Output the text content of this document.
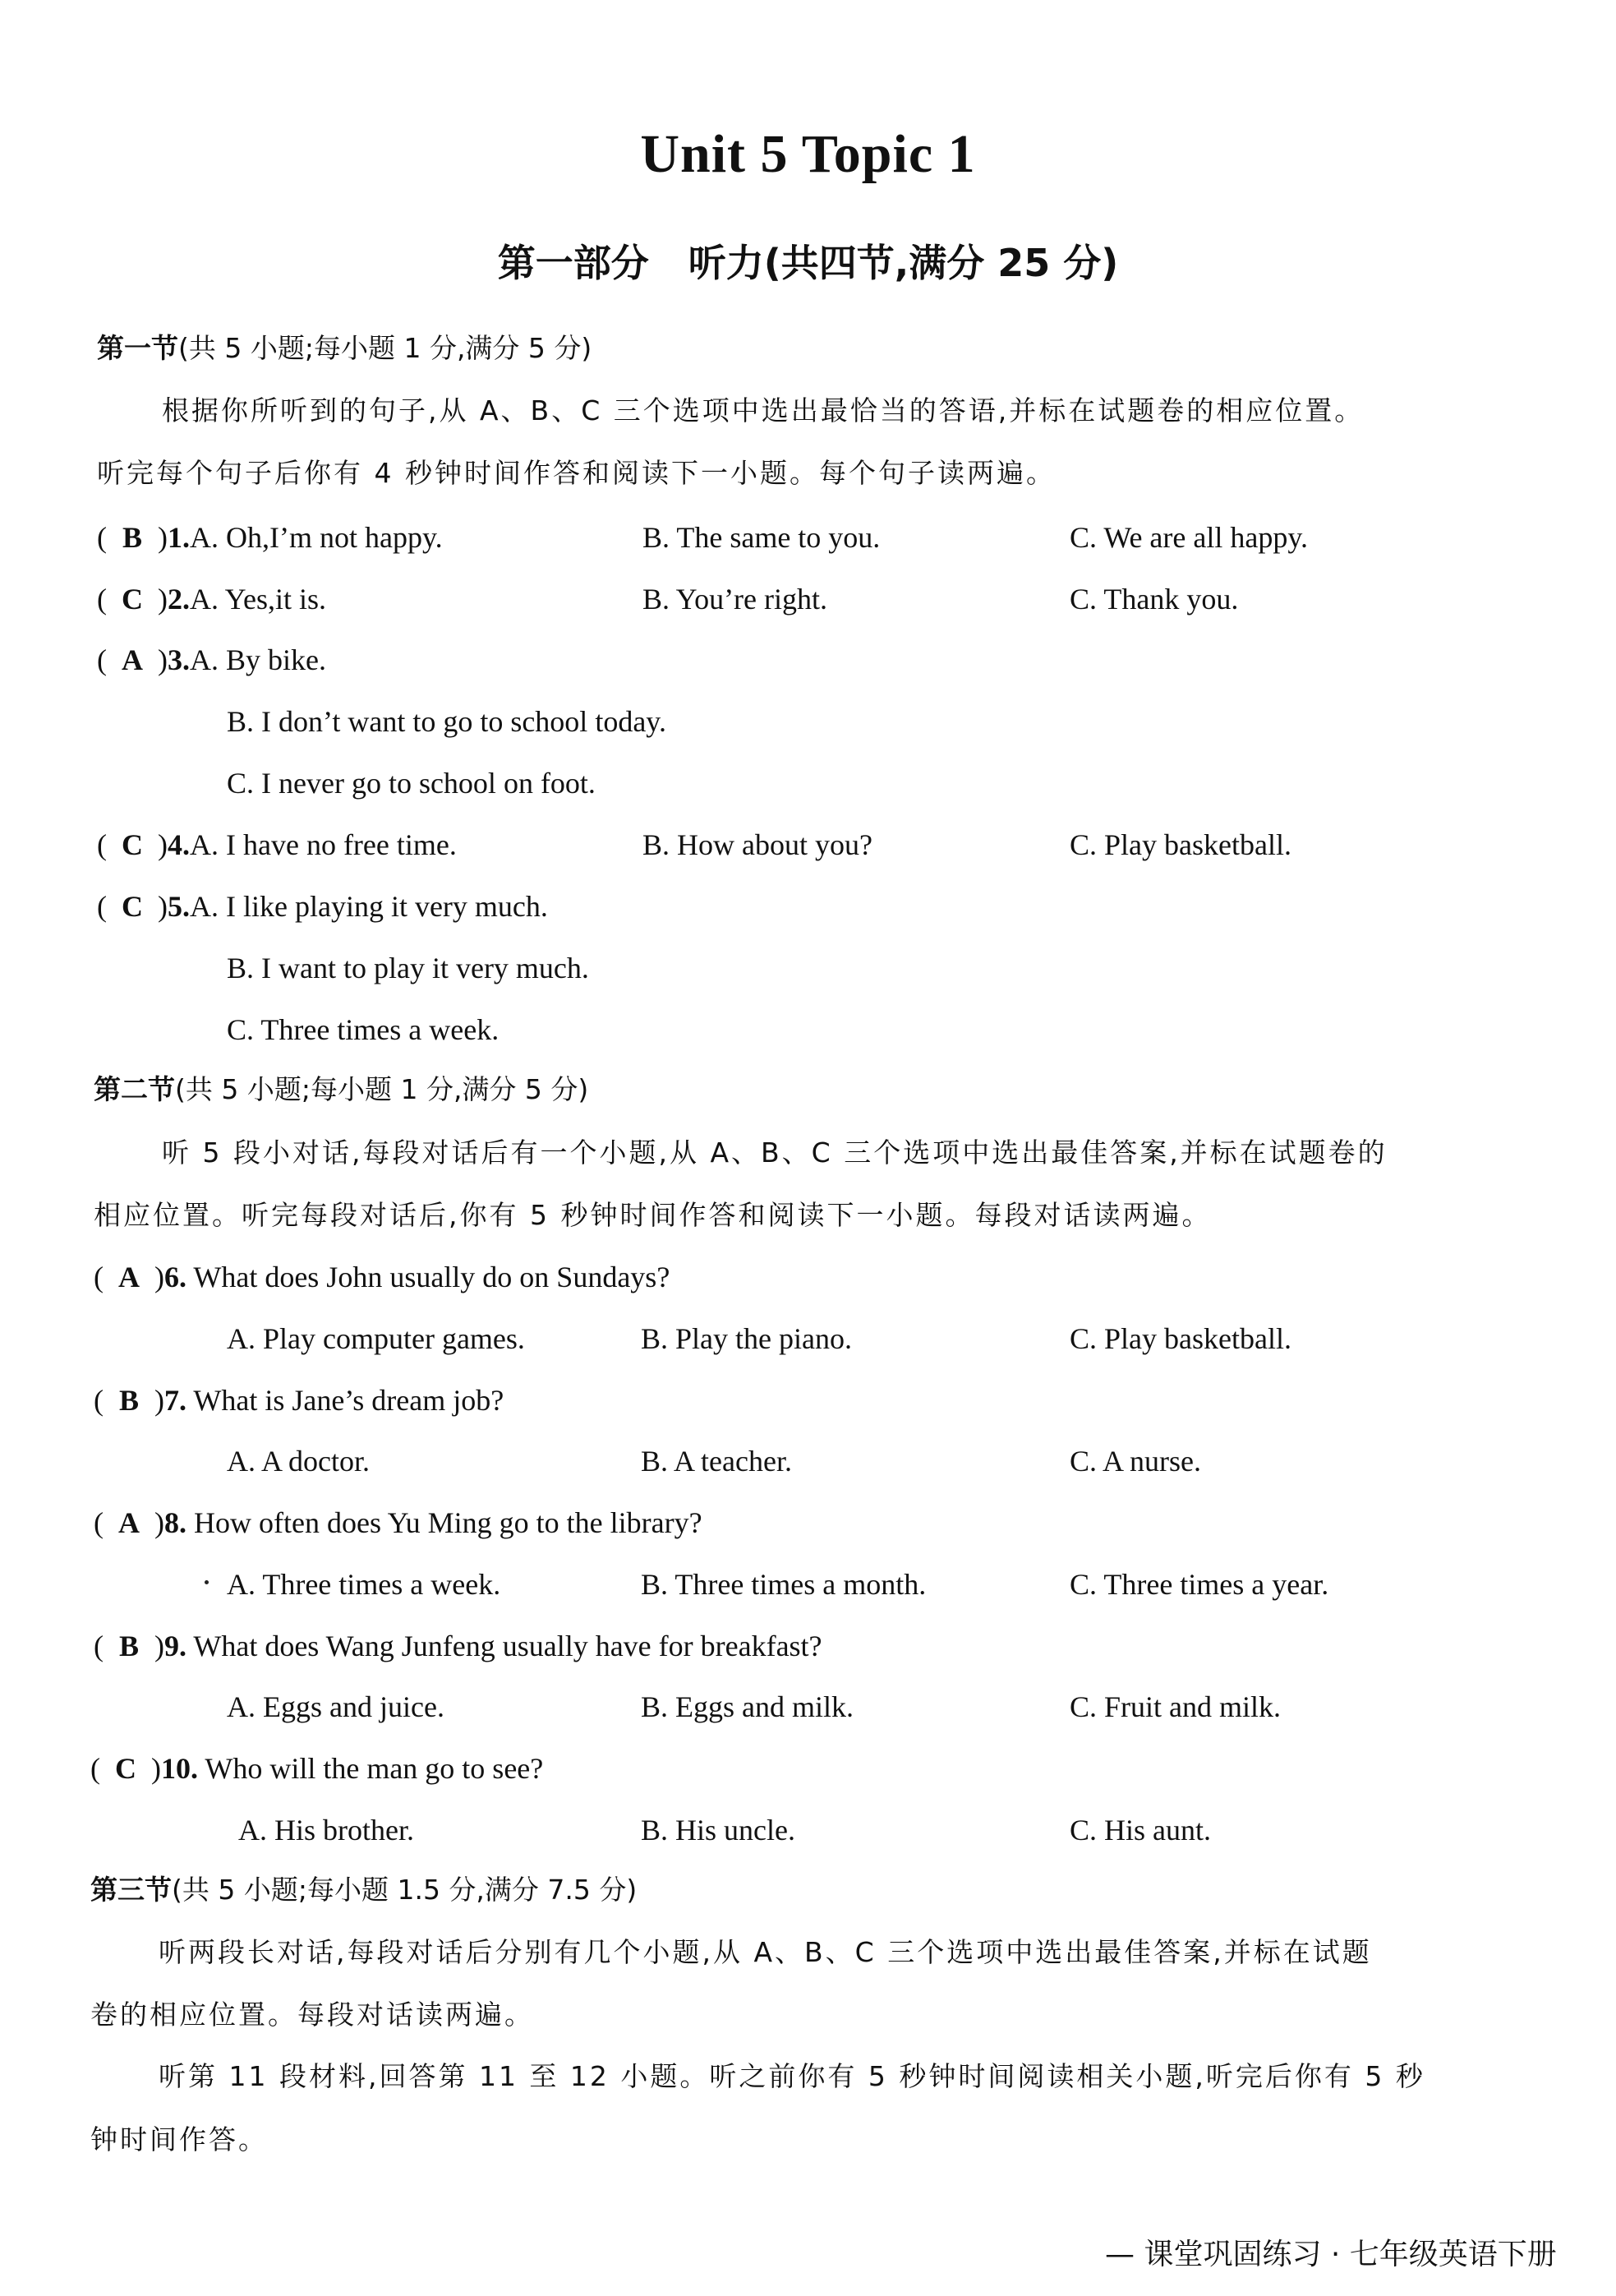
Unit 5 Topic 1
第一部分 听力(共四节,满分 25 分)
第一节(共 5 小题;每小题 1 分,满分 5 分)
根据你所听到的句子,从 A、B、C 三个选项中选出最恰当的答语,并标在试题卷的相应位置。
听完每个句子后你有 4 秒钟时间作答和阅读下一小题。每个句子读两遍。
( B )1.A. Oh,I’m not happy.	B. The same to you.	C. We are all happy.
( C )2.A. Yes,it is.	B. You’re right.	C. Thank you.
( A )3.A. By bike.
B. I don’t want to go to school today.
C. I never go to school on foot.
( C )4.A. I have no free time.	B. How about you?	C. Play basketball.
( C )5.A. I like playing it very much.
B. I want to play it very much.
C. Three times a week.
第二节(共 5 小题;每小题 1 分,满分 5 分)
听 5 段小对话,每段对话后有一个小题,从 A、B、C 三个选项中选出最佳答案,并标在试题卷的
相应位置。听完每段对话后,你有 5 秒钟时间作答和阅读下一小题。每段对话读两遍。
( A )6. What does John usually do on Sundays?
A. Play computer games.	B. Play the piano.	C. Play basketball.
( B )7. What is Jane’s dream job?
A. A doctor.	B. A teacher.	C. A nurse.
( A )8. How often does Yu Ming go to the library?
A. Three times a week.	B. Three times a month.	C. Three times a year.
( B )9. What does Wang Junfeng usually have for breakfast?
A. Eggs and juice.	B. Eggs and milk.	C. Fruit and milk.
( C )10. Who will the man go to see?
A. His brother.	B. His uncle.	C. His aunt.
第三节(共 5 小题;每小题 1.5 分,满分 7.5 分)
听两段长对话,每段对话后分别有几个小题,从 A、B、C 三个选项中选出最佳答案,并标在试题
卷的相应位置。每段对话读两遍。
听第 11 段材料,回答第 11 至 12 小题。听之前你有 5 秒钟时间阅读相关小题,听完后你有 5 秒
钟时间作答。
— 课堂巩固练习 · 七年级英语下册
